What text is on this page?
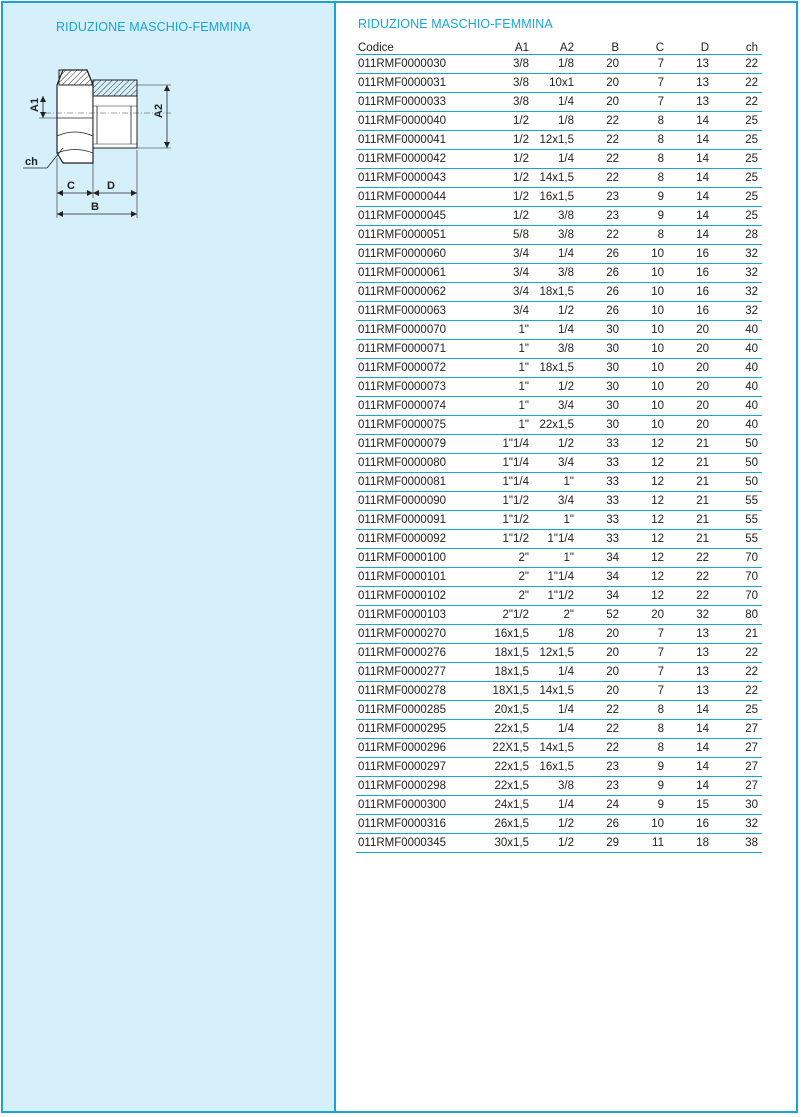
RIDUZIONE MASCHIO-FEMMINA
A1	A2
ch
C	D
B
RIDUZIONE MASCHIO-FEMMINA
Codice	A1	A2	B	C	D	ch
011RMF0000030	3/8	1/8	20	7	13	22
011RMF0000031	3/8	10x1	20	7	13	22
011RMF0000033	3/8	1/4	20	7	13	22
011RMF0000040	1/2	1/8	22	8	14	25
011RMF0000041	1/2	12x1,5	22	8	14	25
011RMF0000042	1/2	1/4	22	8	14	25
011RMF0000043	1/2	14x1,5	22	8	14	25
011RMF0000044	1/2	16x1,5	23	9	14	25
011RMF0000045	1/2	3/8	23	9	14	25
011RMF0000051	5/8	3/8	22	8	14	28
011RMF0000060	3/4	1/4	26	10	16	32
011RMF0000061	3/4	3/8	26	10	16	32
011RMF0000062	3/4	18x1,5	26	10	16	32
011RMF0000063	3/4	1/2	26	10	16	32
011RMF0000070	1"	1/4	30	10	20	40
011RMF0000071	1"	3/8	30	10	20	40
011RMF0000072	1"	18x1,5	30	10	20	40
011RMF0000073	1"	1/2	30	10	20	40
011RMF0000074	1"	3/4	30	10	20	40
011RMF0000075	1"	22x1,5	30	10	20	40
011RMF0000079	1"1/4	1/2	33	12	21	50
011RMF0000080	1"1/4	3/4	33	12	21	50
011RMF0000081	1"1/4	1"	33	12	21	50
011RMF0000090	1"1/2	3/4	33	12	21	55
011RMF0000091	1"1/2	1"	33	12	21	55
011RMF0000092	1"1/2	1"1/4	33	12	21	55
011RMF0000100	2"	1"	34	12	22	70
011RMF0000101	2"	1"1/4	34	12	22	70
011RMF0000102	2"	1"1/2	34	12	22	70
011RMF0000103	2"1/2	2"	52	20	32	80
011RMF0000270	16x1,5	1/8	20	7	13	21
011RMF0000276	18x1,5	12x1,5	20	7	13	22
011RMF0000277	18x1,5	1/4	20	7	13	22
011RMF0000278	18X1,5	14x1,5	20	7	13	22
011RMF0000285	20x1,5	1/4	22	8	14	25
011RMF0000295	22x1,5	1/4	22	8	14	27
011RMF0000296	22X1,5	14x1,5	22	8	14	27
011RMF0000297	22x1,5	16x1,5	23	9	14	27
011RMF0000298	22x1,5	3/8	23	9	14	27
011RMF0000300	24x1,5	1/4	24	9	15	30
011RMF0000316	26x1,5	1/2	26	10	16	32
011RMF0000345	30x1,5	1/2	29	11	18	38
